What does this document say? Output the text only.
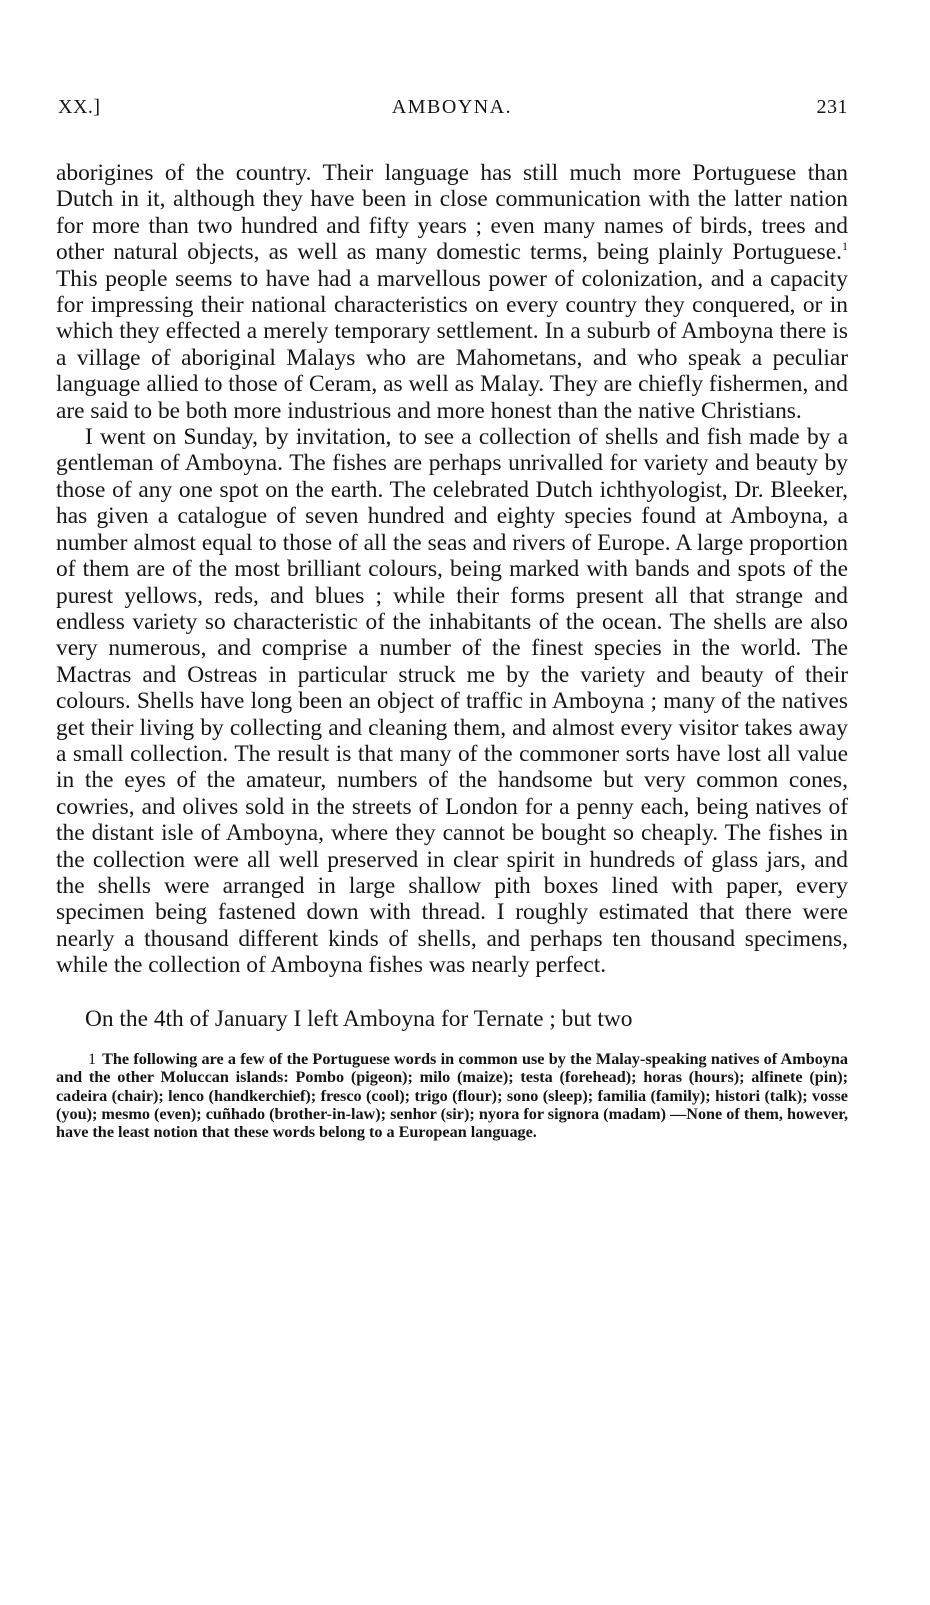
XX.]	AMBOYNA.	231

aborigines of the country. Their language has still much more Portuguese than Dutch in it, although they have been in close communication with the latter nation for more than two hundred and fifty years ; even many names of birds, trees and other natural objects, as well as many domestic terms, being plainly Portuguese.$^1$ This people seems to have had a marvellous power of colonization, and a capacity for impressing their national characteristics on every country they conquered, or in which they effected a merely temporary settlement. In a suburb of Amboyna there is a village of aboriginal Malays who are Mahometans, and who speak a peculiar language allied to those of Ceram, as well as Malay. They are chiefly fishermen, and are said to be both more industrious and more honest than the native Christians.

I went on Sunday, by invitation, to see a collection of shells and fish made by a gentleman of Amboyna. The fishes are perhaps unrivalled for variety and beauty by those of any one spot on the earth. The celebrated Dutch ichthyologist, Dr. Bleeker, has given a catalogue of seven hundred and eighty species found at Amboyna, a number almost equal to those of all the seas and rivers of Europe. A large proportion of them are of the most brilliant colours, being marked with bands and spots of the purest yellows, reds, and blues ; while their forms present all that strange and endless variety so characteristic of the inhabitants of the ocean. The shells are also very numerous, and comprise a number of the finest species in the world. The Mactras and Ostreas in particular struck me by the variety and beauty of their colours. Shells have long been an object of traffic in Amboyna ; many of the natives get their living by collecting and cleaning them, and almost every visitor takes away a small collection. The result is that many of the commoner sorts have lost all value in the eyes of the amateur, numbers of the handsome but very common cones, cowries, and olives sold in the streets of London for a penny each, being natives of the distant isle of Amboyna, where they cannot be bought so cheaply. The fishes in the collection were all well preserved in clear spirit in hundreds of glass jars, and the shells were arranged in large shallow pith boxes lined with paper, every specimen being fastened down with thread. I roughly estimated that there were nearly a thousand different kinds of shells, and perhaps ten thousand specimens, while the collection of Amboyna fishes was nearly perfect.

On the 4th of January I left Amboyna for Ternate ; but two

1 The following are a few of the Portuguese words in common use by the Malay-speaking natives of Amboyna and the other Moluccan islands: Pombo (pigeon); milo (maize); testa (forehead); horas (hours); alfinete (pin); cadeira (chair); lenco (handkerchief); fresco (cool); trigo (flour); sono (sleep); familia (family); histori (talk); vosse (you); mesmo (even); cuñhado (brother-in-law); senhor (sir); nyora for signora (madam) —None of them, however, have the least notion that these words belong to a European language.
